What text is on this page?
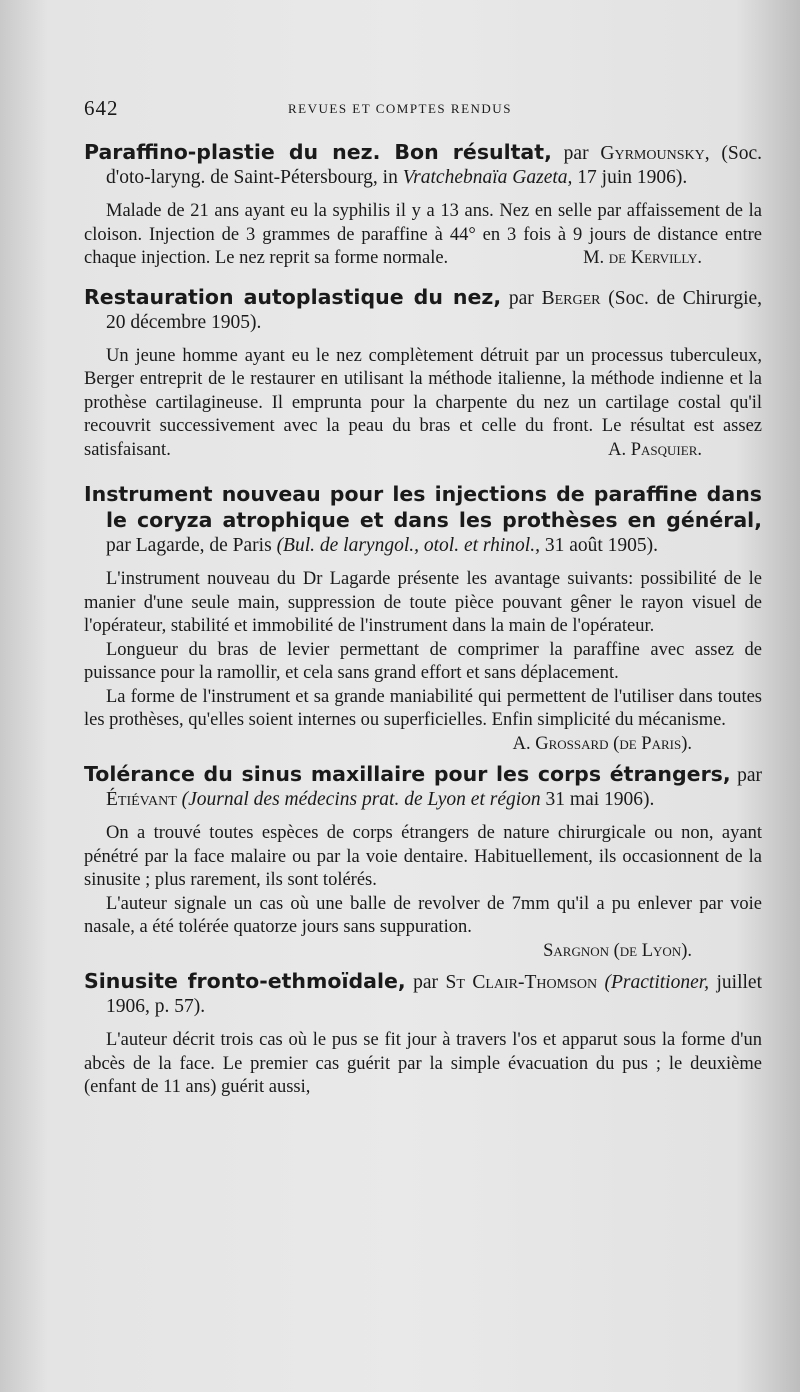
642	REVUES ET COMPTES RENDUS

Paraffino-plastie du nez. Bon résultat, par Gyrmounsky, (Soc. d'oto-laryng. de Saint-Pétersbourg, in Vratchebnaïa Gazeta, 17 juin 1906).

Malade de 21 ans ayant eu la syphilis il y a 13 ans. Nez en selle par affaissement de la cloison. Injection de 3 grammes de paraffine à 44° en 3 fois à 9 jours de distance entre chaque injection. Le nez reprit sa forme normale.	M. de Kervilly.

Restauration autoplastique du nez, par Berger (Soc. de Chirurgie, 20 décembre 1905).

Un jeune homme ayant eu le nez complètement détruit par un processus tuberculeux, Berger entreprit de le restaurer en utilisant la méthode italienne, la méthode indienne et la prothèse cartilagineuse. Il emprunta pour la charpente du nez un cartilage costal qu'il recouvrit successivement avec la peau du bras et celle du front. Le résultat est assez satisfaisant.	A. Pasquier.

Instrument nouveau pour les injections de paraffine dans le coryza atrophique et dans les prothèses en général, par Lagarde, de Paris (Bul. de laryngol., otol. et rhinol., 31 août 1905).

L'instrument nouveau du Dr Lagarde présente les avantage suivants: possibilité de le manier d'une seule main, suppression de toute pièce pouvant gêner le rayon visuel de l'opérateur, stabilité et immobilité de l'instrument dans la main de l'opérateur.

Longueur du bras de levier permettant de comprimer la paraffine avec assez de puissance pour la ramollir, et cela sans grand effort et sans déplacement.

La forme de l'instrument et sa grande maniabilité qui permettent de l'utiliser dans toutes les prothèses, qu'elles soient internes ou superficielles. Enfin simplicité du mécanisme.

A. Grossard (de Paris).

Tolérance du sinus maxillaire pour les corps étrangers, par Étiévant (Journal des médecins prat. de Lyon et région 31 mai 1906).

On a trouvé toutes espèces de corps étrangers de nature chirurgicale ou non, ayant pénétré par la face malaire ou par la voie dentaire. Habituellement, ils occasionnent de la sinusite ; plus rarement, ils sont tolérés.

L'auteur signale un cas où une balle de revolver de 7mm qu'il a pu enlever par voie nasale, a été tolérée quatorze jours sans suppuration.

Sargnon (de Lyon).

Sinusite fronto-ethmoïdale, par St Clair-Thomson (Practitioner, juillet 1906, p. 57).

L'auteur décrit trois cas où le pus se fit jour à travers l'os et apparut sous la forme d'un abcès de la face. Le premier cas guérit par la simple évacuation du pus ; le deuxième (enfant de 11 ans) guérit aussi,
